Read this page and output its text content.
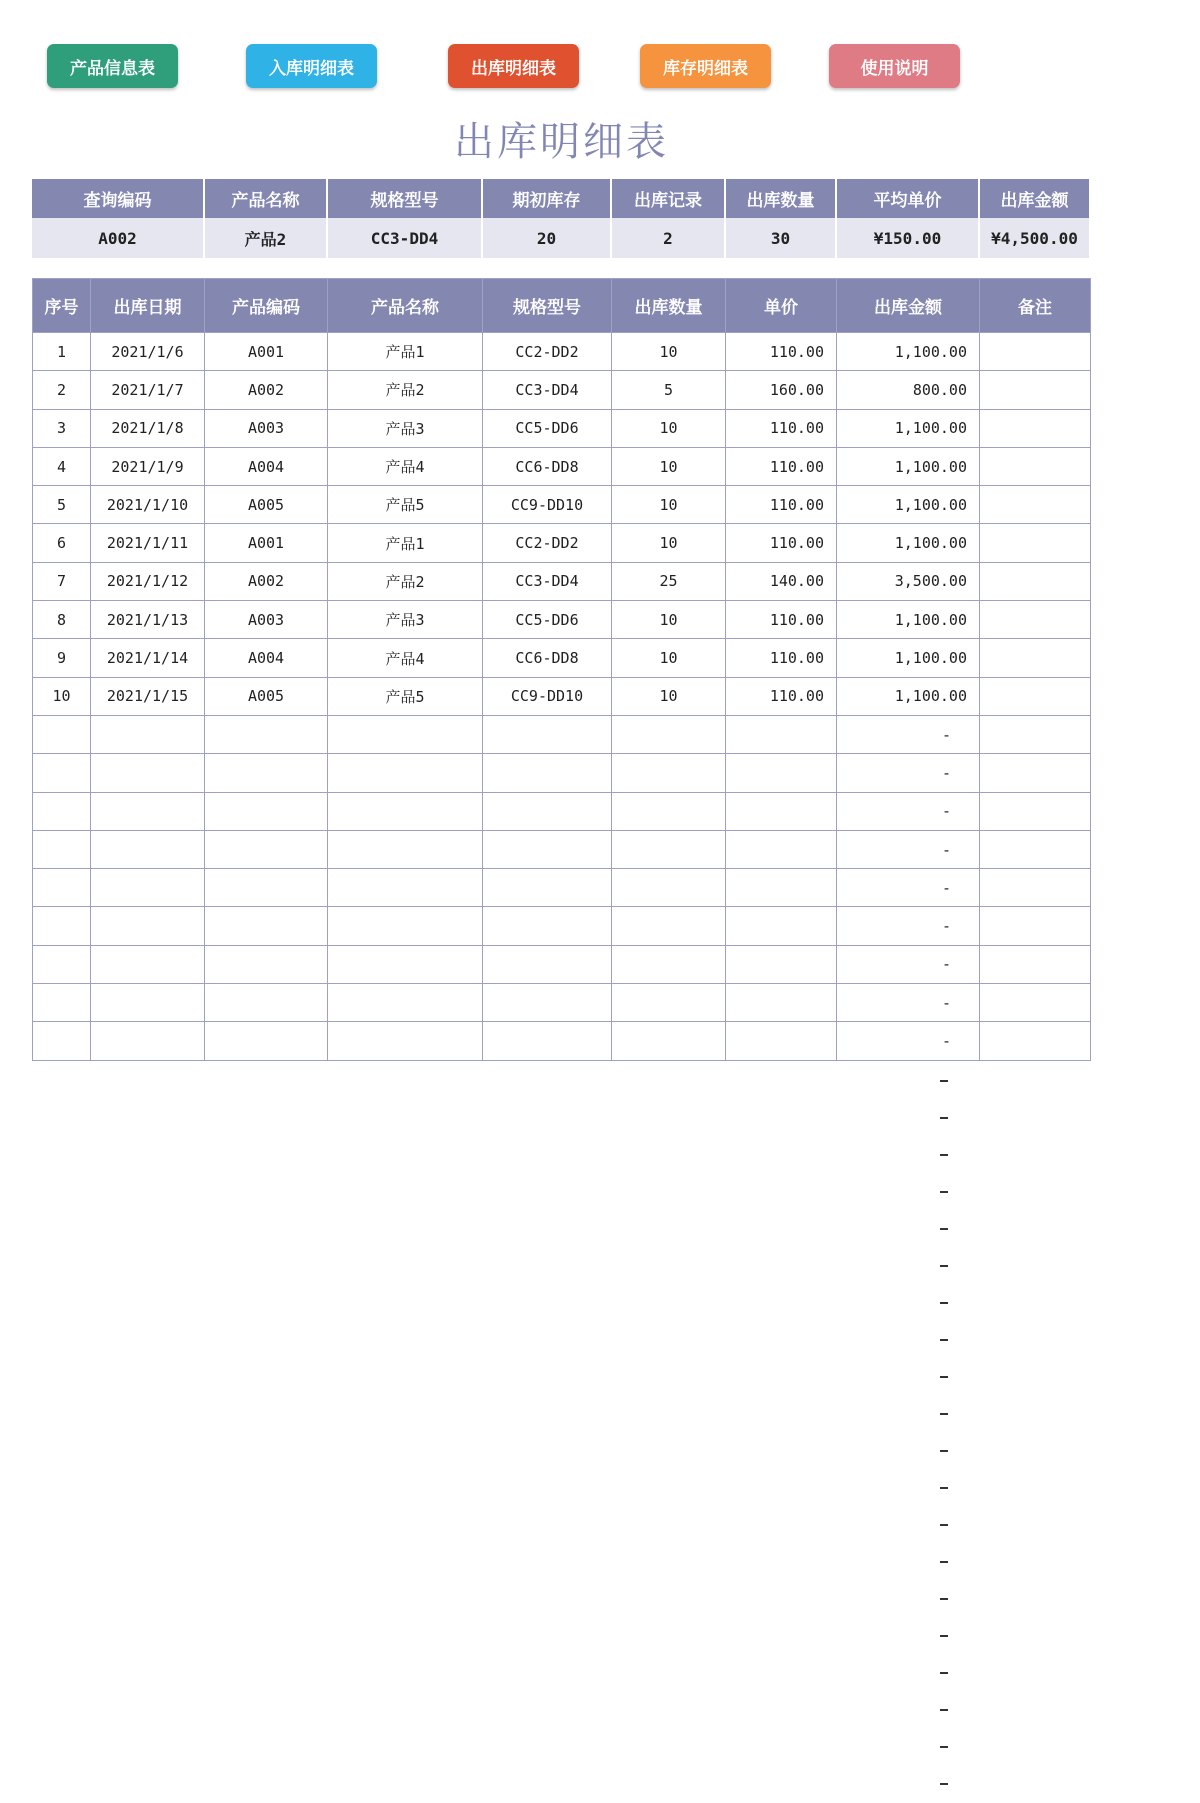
产品信息表	入库明细表	出库明细表	库存明细表	使用说明
出库明细表
查询编码	产品名称	规格型号	期初库存	出库记录	出库数量	平均单价	出库金额
A002	产品2	CC3-DD4	20	2	30	¥150.00	¥4,500.00
序号	出库日期	产品编码	产品名称	规格型号	出库数量	单价	出库金额	备注
1	2021/1/6	A001	产品1	CC2-DD2	10	110.00	1,100.00	
2	2021/1/7	A002	产品2	CC3-DD4	5	160.00	800.00	
3	2021/1/8	A003	产品3	CC5-DD6	10	110.00	1,100.00	
4	2021/1/9	A004	产品4	CC6-DD8	10	110.00	1,100.00	
5	2021/1/10	A005	产品5	CC9-DD10	10	110.00	1,100.00	
6	2021/1/11	A001	产品1	CC2-DD2	10	110.00	1,100.00	
7	2021/1/12	A002	产品2	CC3-DD4	25	140.00	3,500.00	
8	2021/1/13	A003	产品3	CC5-DD6	10	110.00	1,100.00	
9	2021/1/14	A004	产品4	CC6-DD8	10	110.00	1,100.00	
10	2021/1/15	A005	产品5	CC9-DD10	10	110.00	1,100.00	
							-	
							-	
							-	
							-	
							-	
							-	
							-	
							-	
							-	
